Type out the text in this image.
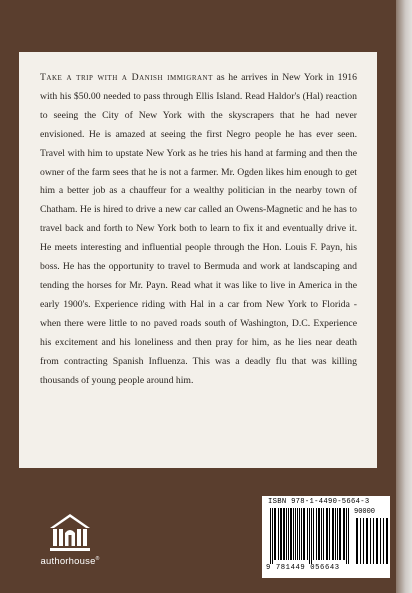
Take a trip with a Danish immigrant as he arrives in New York in 1916 with his $50.00 needed to pass through Ellis Island. Read Haldor's (Hal) reaction to seeing the City of New York with the skyscrapers that he had never envisioned. He is amazed at seeing the first Negro people he has ever seen. Travel with him to upstate New York as he tries his hand at farming and then the owner of the farm sees that he is not a farmer. Mr. Ogden likes him enough to get him a better job as a chauffeur for a wealthy politician in the nearby town of Chatham. He is hired to drive a new car called an Owens-Magnetic and he has to travel back and forth to New York both to learn to fix it and eventually drive it. He meets interesting and influential people through the Hon. Louis F. Payn, his boss. He has the opportunity to travel to Bermuda and work at landscaping and tending the horses for Mr. Payn. Read what it was like to live in America in the early 1900's. Experience riding with Hal in a car from New York to Florida - when there were little to no paved roads south of Washington, D.C. Experience his excitement and his loneliness and then pray for him, as he lies near death from contracting Spanish Influenza. This was a deadly flu that was killing thousands of young people around him.

authorhouse®
ISBN 978-1-4490-5664-3
90000
9 781449 056643
